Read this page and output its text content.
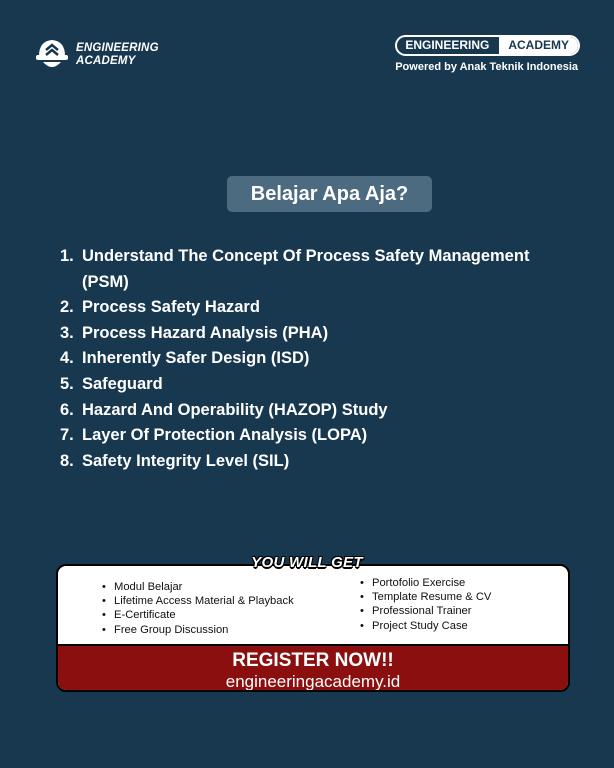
ENGINEERING
ACADEMY
ENGINEERING	ACADEMY
Powered by Anak Teknik Indonesia
Belajar Apa Aja?
1. Understand The Concept Of Process Safety Management (PSM)
2. Process Safety Hazard
3. Process Hazard Analysis (PHA)
4. Inherently Safer Design (ISD)
5. Safeguard
6. Hazard And Operability (HAZOP) Study
7. Layer Of Protection Analysis (LOPA)
8. Safety Integrity Level (SIL)
• Modul Belajar
• Lifetime Access Material & Playback
• E-Certificate
• Free Group Discussion
• Portofolio Exercise
• Template Resume & CV
• Professional Trainer
• Project Study Case
REGISTER NOW!!
engineeringacademy.id
YOU WILL GET
